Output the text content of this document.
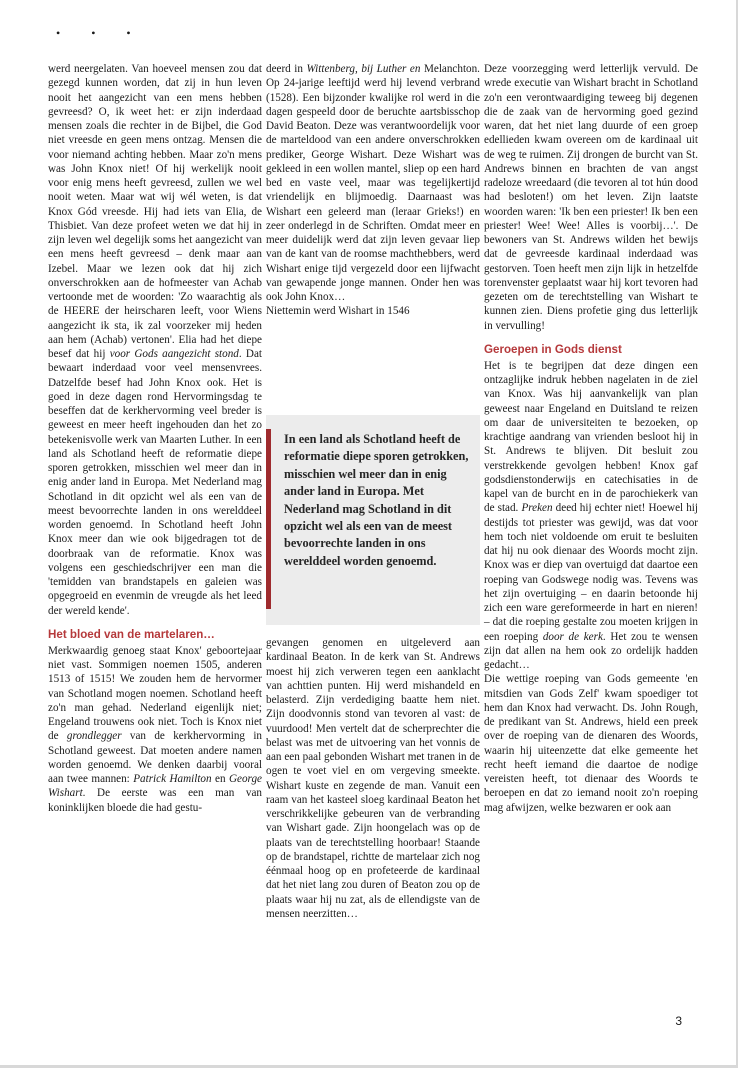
• • •

werd neergelaten. Van hoeveel mensen zou dat gezegd kunnen worden, dat zij in hun leven nooit het aangezicht van een mens hebben gevreesd? O, ik weet het: er zijn inderdaad mensen zoals die rechter in de Bijbel, die God niet vreesde en geen mens ontzag. Mensen die voor niemand achting hebben. Maar zo'n mens was John Knox niet! Of hij werkelijk nooit voor enig mens heeft gevreesd, zullen we wel nooit weten. Maar wat wij wél weten, is dat Knox Gód vreesde. Hij had iets van Elia, de Thisbiet. Van deze profeet weten we dat hij in zijn leven wel degelijk soms het aangezicht van een mens heeft gevreesd – denk maar aan Izebel. Maar we lezen ook dat hij zich onverschrokken aan de hofmeester van Achab vertoonde met de woorden: 'Zo waarachtig als de HEERE der heirscharen leeft, voor Wiens aangezicht ik sta, ik zal voorzeker mij heden aan hem (Achab) vertonen'. Elia had het diepe besef dat hij voor Gods aangezicht stond. Dat bewaart inderdaad voor veel mensenvrees. Datzelfde besef had John Knox ook. Het is goed in deze dagen rond Hervormingsdag te beseffen dat de kerkhervorming veel breder is geweest en meer heeft ingehouden dan het zo betekenisvolle werk van Maarten Luther. In een land als Schotland heeft de reformatie diepe sporen getrokken, misschien wel meer dan in enig ander land in Europa. Met Nederland mag Schotland in dit opzicht wel als een van de meest bevoorrechte landen in ons werelddeel worden genoemd. In Schotland heeft John Knox meer dan wie ook bijgedragen tot de doorbraak van de reformatie. Knox was volgens een geschiedschrijver een man die 'temidden van brandstapels en galeien was opgegroeid en evenmin de vreugde als het leed der wereld kende'.

Het bloed van de martelaren…

Merkwaardig genoeg staat Knox' geboortejaar niet vast. Sommigen noemen 1505, anderen 1513 of 1515! We zouden hem de hervormer van Schotland mogen noemen. Schotland heeft zo'n man gehad. Nederland eigenlijk niet; Engeland trouwens ook niet. Toch is Knox niet de grondlegger van de kerkhervorming in Schotland geweest. Dat moeten andere namen worden genoemd. We denken daarbij vooral aan twee mannen: Patrick Hamilton en George Wishart. De eerste was een man van koninklijken bloede die had gestu-

deerd in Wittenberg, bij Luther en Melanchton. Op 24-jarige leeftijd werd hij levend verbrand (1528). Een bijzonder kwalijke rol werd in die dagen gespeeld door de beruchte aartsbisschop David Beaton. Deze was verantwoordelijk voor de marteldood van een andere onverschrokken prediker, George Wishart. Deze Wishart was gekleed in een wollen mantel, sliep op een hard bed en vaste veel, maar was tegelijkertijd vriendelijk en blijmoedig. Daarnaast was Wishart een geleerd man (leraar Grieks!) en zeer onderlegd in de Schriften. Omdat meer en meer duidelijk werd dat zijn leven gevaar liep van de kant van de roomse machthebbers, werd Wishart enige tijd vergezeld door een lijfwacht van gewapende jonge mannen. Onder hen was ook John Knox…

Niettemin werd Wishart in 1546

In een land als Schotland heeft de reformatie diepe sporen getrokken, misschien wel meer dan in enig ander land in Europa. Met Nederland mag Schotland in dit opzicht wel als een van de meest bevoorrechte landen in ons werelddeel worden genoemd.

gevangen genomen en uitgeleverd aan kardinaal Beaton. In de kerk van St. Andrews moest hij zich verweren tegen een aanklacht van achttien punten. Hij werd mishandeld en belasterd. Zijn verdediging baatte hem niet. Zijn doodvonnis stond van tevoren al vast: de vuurdood! Men vertelt dat de scherprechter die belast was met de uitvoering van het vonnis de aan een paal gebonden Wishart met tranen in de ogen te voet viel en om vergeving smeekte. Wishart kuste en zegende de man. Vanuit een raam van het kasteel sloeg kardinaal Beaton het verschrikkelijke gebeuren van de verbranding van Wishart gade. Zijn hoongelach was op de plaats van de terechtstelling hoorbaar! Staande op de brandstapel, richtte de martelaar zich nog éénmaal hoog op en profeteerde de kardinaal dat het niet lang zou duren of Beaton zou op de plaats waar hij nu zat, als de ellendigste van de mensen neerzitten…

Deze voorzegging werd letterlijk vervuld. De wrede executie van Wishart bracht in Schotland zo'n een verontwaardiging teweeg bij degenen die de zaak van de hervorming goed gezind waren, dat het niet lang duurde of een groep edellieden kwam overeen om de kardinaal uit de weg te ruimen. Zij drongen de burcht van St. Andrews binnen en brachten de van angst radeloze wreedaard (die tevoren al tot hún dood had besloten!) om het leven. Zijn laatste woorden waren: 'Ik ben een priester! Ik ben een priester! Wee! Wee! Alles is voorbij…'. De bewoners van St. Andrews wilden het bewijs dat de gevreesde kardinaal inderdaad was gestorven. Toen heeft men zijn lijk in hetzelfde torenvenster geplaatst waar hij kort tevoren had gezeten om de terechtstelling van Wishart te kunnen zien. Diens profetie ging dus letterlijk in vervulling!

Geroepen in Gods dienst

Het is te begrijpen dat deze dingen een ontzaglijke indruk hebben nagelaten in de ziel van Knox. Was hij aanvankelijk van plan geweest naar Engeland en Duitsland te reizen om daar de universiteiten te bezoeken, op krachtige aandrang van vrienden besloot hij in St. Andrews te blijven. Dit besluit zou verstrekkende gevolgen hebben! Knox gaf godsdienstonderwijs en catechisaties in de kapel van de burcht en in de parochiekerk van de stad. Preken deed hij echter niet! Hoewel hij destijds tot priester was gewijd, was dat voor hem toch niet voldoende om eruit te besluiten dat hij nu ook dienaar des Woords mocht zijn. Knox was er diep van overtuigd dat daartoe een roeping van Godswege nodig was. Tevens was het zijn overtuiging – en daarin betoonde hij zich een ware gereformeerde in hart en nieren! – dat die roeping gestalte zou moeten krijgen in een roeping door de kerk. Het zou te wensen zijn dat allen na hem ook zo ordelijk hadden gedacht…

Die wettige roeping van Gods gemeente 'en mitsdien van Gods Zelf' kwam spoediger tot hem dan Knox had verwacht. Ds. John Rough, de predikant van St. Andrews, hield een preek over de roeping van de dienaren des Woords, waarin hij uiteenzette dat elke gemeente het recht heeft iemand die daartoe de nodige vereisten heeft, tot dienaar des Woords te beroepen en dat zo iemand nooit zo'n roeping mag afwijzen, welke bezwaren er ook aan

3
